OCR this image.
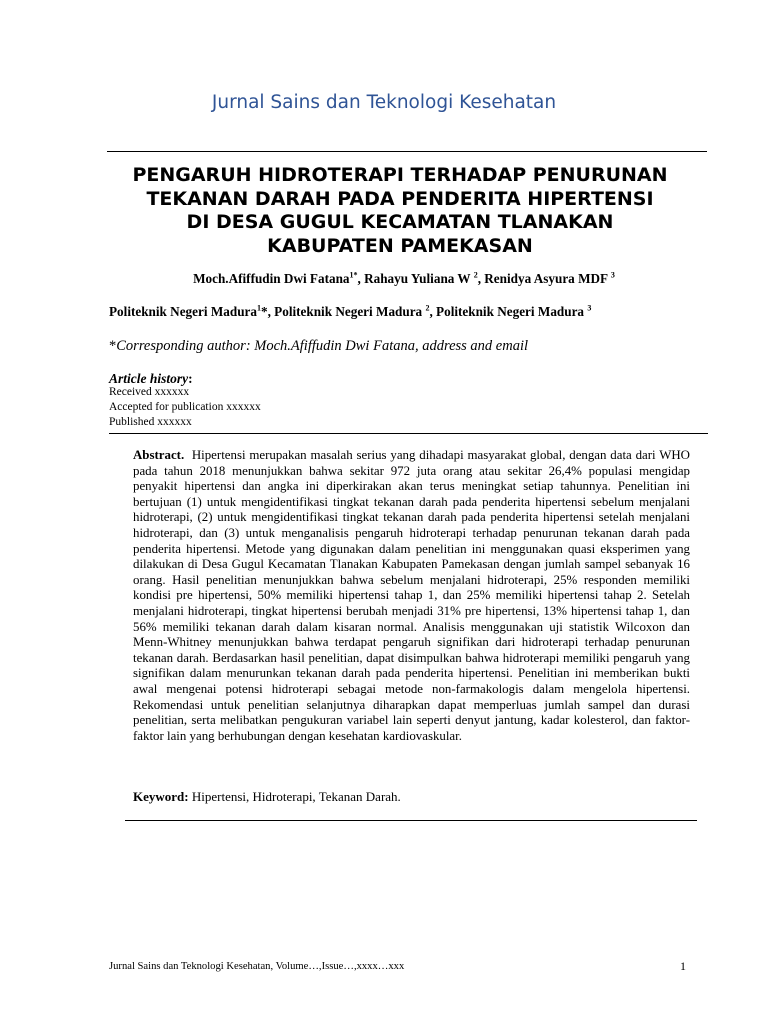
Jurnal Sains dan Teknologi Kesehatan
PENGARUH HIDROTERAPI TERHADAP PENURUNAN
TEKANAN DARAH PADA PENDERITA HIPERTENSI
DI DESA GUGUL KECAMATAN TLANAKAN
KABUPATEN PAMEKASAN
Moch.Afiffudin Dwi Fatana$^{1*}$, Rahayu Yuliana W $^2$, Renidya Asyura MDF $^3$
Politeknik Negeri Madura$^1$*, Politeknik Negeri Madura $^2$, Politeknik Negeri Madura $^3$
*Corresponding author: Moch.Afiffudin Dwi Fatana, address and email
Article history:
Received xxxxxx
Accepted for publication xxxxxx
Published xxxxxx

Abstract. Hipertensi merupakan masalah serius yang dihadapi masyarakat global, dengan data dari WHO pada tahun 2018 menunjukkan bahwa sekitar 972 juta orang atau sekitar 26,4% populasi mengidap penyakit hipertensi dan angka ini diperkirakan akan terus meningkat setiap tahunnya. Penelitian ini bertujuan (1) untuk mengidentifikasi tingkat tekanan darah pada penderita hipertensi sebelum menjalani hidroterapi, (2) untuk mengidentifikasi tingkat tekanan darah pada penderita hipertensi setelah menjalani hidroterapi, dan (3) untuk menganalisis pengaruh hidroterapi terhadap penurunan tekanan darah pada penderita hipertensi. Metode yang digunakan dalam penelitian ini menggunakan quasi eksperimen yang dilakukan di Desa Gugul Kecamatan Tlanakan Kabupaten Pamekasan dengan jumlah sampel sebanyak 16 orang. Hasil penelitian menunjukkan bahwa sebelum menjalani hidroterapi, 25% responden memiliki kondisi pre hipertensi, 50% memiliki hipertensi tahap 1, dan 25% memiliki hipertensi tahap 2. Setelah menjalani hidroterapi, tingkat hipertensi berubah menjadi 31% pre hipertensi, 13% hipertensi tahap 1, dan 56% memiliki tekanan darah dalam kisaran normal. Analisis menggunakan uji statistik Wilcoxon dan Menn-Whitney menunjukkan bahwa terdapat pengaruh signifikan dari hidroterapi terhadap penurunan tekanan darah. Berdasarkan hasil penelitian, dapat disimpulkan bahwa hidroterapi memiliki pengaruh yang signifikan dalam menurunkan tekanan darah pada penderita hipertensi. Penelitian ini memberikan bukti awal mengenai potensi hidroterapi sebagai metode non-farmakologis dalam mengelola hipertensi. Rekomendasi untuk penelitian selanjutnya diharapkan dapat memperluas jumlah sampel dan durasi penelitian, serta melibatkan pengukuran variabel lain seperti denyut jantung, kadar kolesterol, dan faktor-faktor lain yang berhubungan dengan kesehatan kardiovaskular.

Keyword: Hipertensi, Hidroterapi, Tekanan Darah.
Jurnal Sains dan Teknologi Kesehatan, Volume…,Issue…,xxxx…xxx	1
